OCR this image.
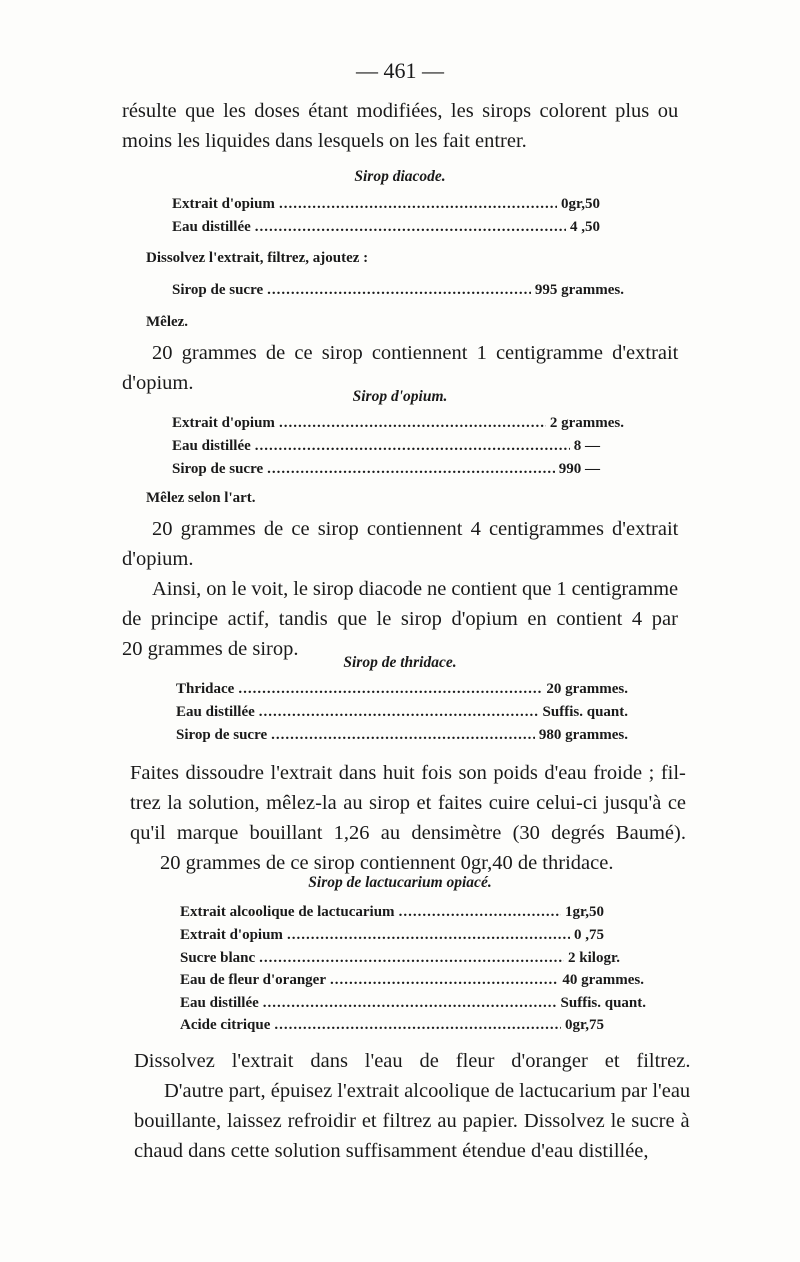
— 461 —
résulte que les doses étant modifiées, les sirops colorent plus ou
moins les liquides dans lesquels on les fait entrer.
Sirop diacode.
Extrait d'opium .....	0gr,50
Eau distillée .....	4 ,50
Dissolvez l'extrait, filtrez, ajoutez :
Sirop de sucre .....	995 grammes.
Mêlez.
20 grammes de ce sirop contiennent 1 centigramme d'extrait
d'opium.
Sirop d'opium.
Extrait d'opium .....	2 grammes.
Eau distillée .....	8 —
Sirop de sucre .....	990 —
Mêlez selon l'art.
20 grammes de ce sirop contiennent 4 centigrammes d'extrait
d'opium.
Ainsi, on le voit, le sirop diacode ne contient que 1 centigramme
de principe actif, tandis que le sirop d'opium en contient 4 par
20 grammes de sirop.
Sirop de thridace.
Thridace .....	20 grammes.
Eau distillée .....	Suffis. quant.
Sirop de sucre .....	980 grammes.
Faites dissoudre l'extrait dans huit fois son poids d'eau froide ; fil-
trez la solution, mêlez-la au sirop et faites cuire celui-ci jusqu'à ce
qu'il marque bouillant 1,26 au densimètre (30 degrés Baumé).
20 grammes de ce sirop contiennent 0gr,40 de thridace.
Sirop de lactucarium opiacé.
Extrait alcoolique de lactucarium .....	1gr,50
Extrait d'opium .....	0 ,75
Sucre blanc .....	2 kilogr.
Eau de fleur d'oranger .....	40 grammes.
Eau distillée .....	Suffis. quant.
Acide citrique .....	0gr,75
Dissolvez l'extrait dans l'eau de fleur d'oranger et filtrez.
D'autre part, épuisez l'extrait alcoolique de lactucarium par l'eau
bouillante, laissez refroidir et filtrez au papier. Dissolvez le sucre à
chaud dans cette solution suffisamment étendue d'eau distillée,
